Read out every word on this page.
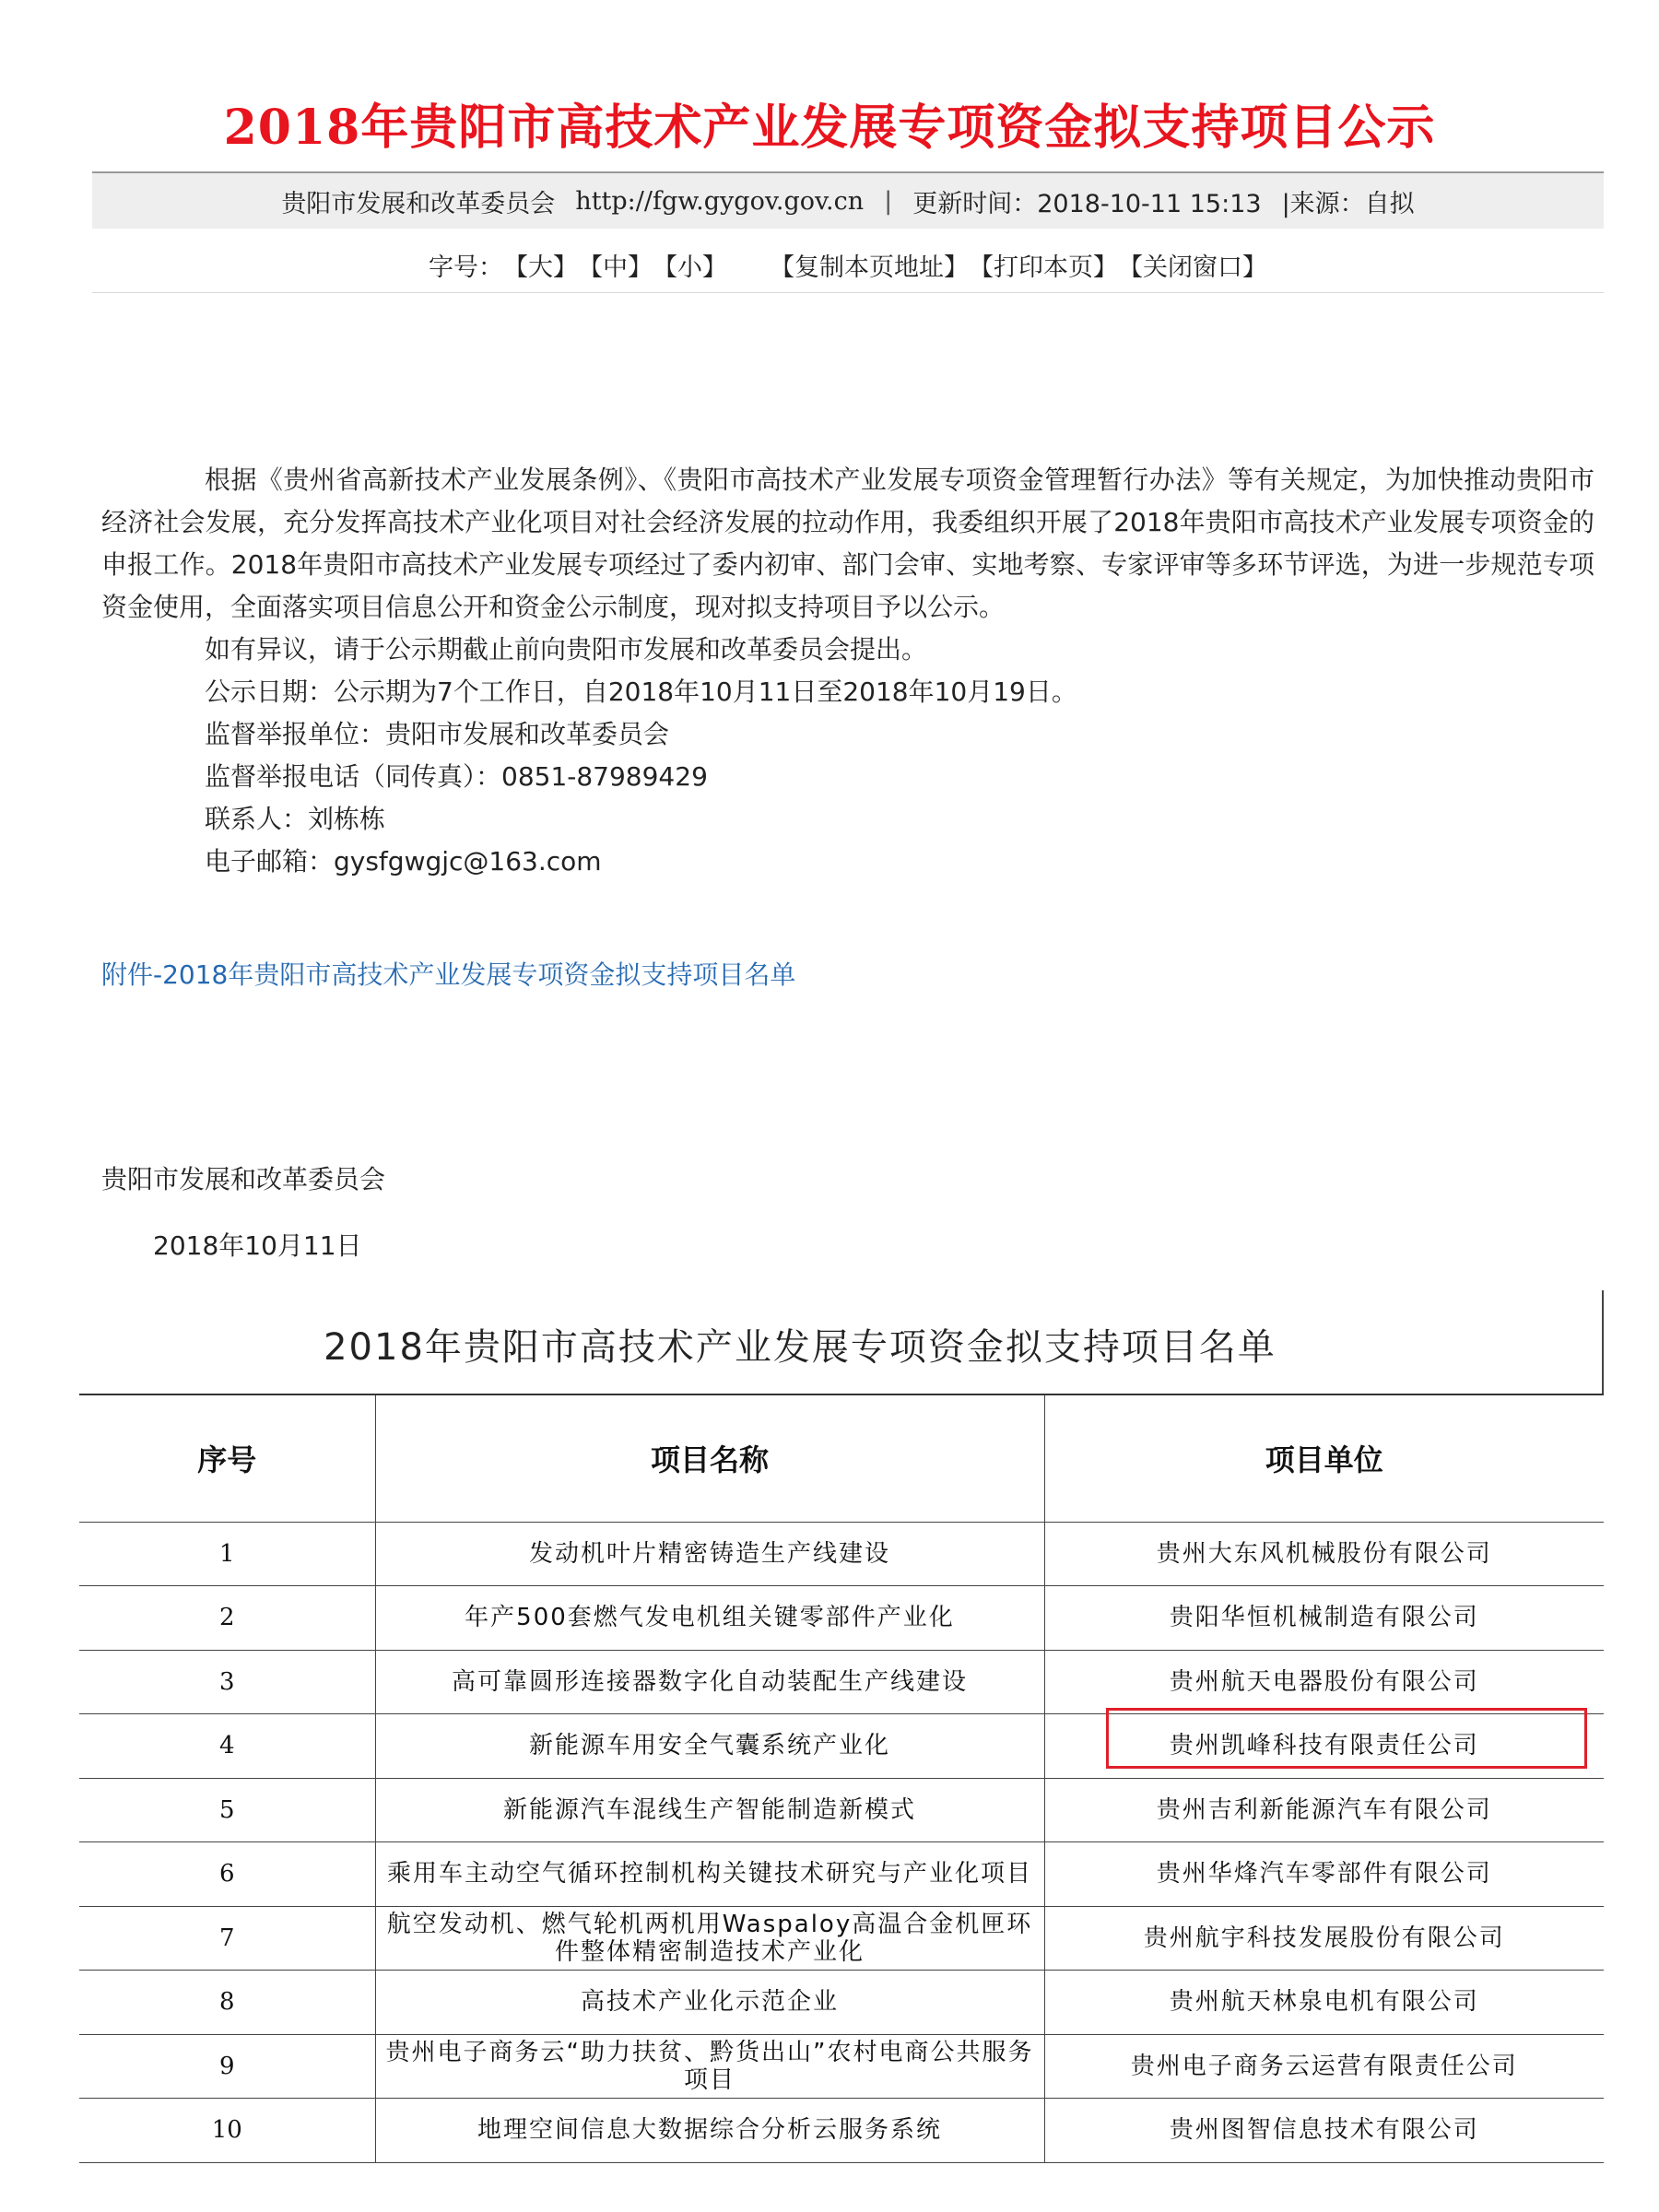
2018年贵阳市高技术产业发展专项资金拟支持项目公示
贵阳市发展和改革委员会 http://fgw.gygov.gov.cn | 更新时间：2018-10-11 15:13 |来源：自拟
字号： 【大】 【中】 【小】 【复制本页地址】 【打印本页】 【关闭窗口】

根据《贵州省高新技术产业发展条例》、《贵阳市高技术产业发展专项资金管理暂行办法》等有关规定，为加快推动贵阳市经济社会发展，充分发挥高技术产业化项目对社会经济发展的拉动作用，我委组织开展了2018年贵阳市高技术产业发展专项资金的申报工作。2018年贵阳市高技术产业发展专项经过了委内初审、部门会审、实地考察、专家评审等多环节评选，为进一步规范专项资金使用，全面落实项目信息公开和资金公示制度，现对拟支持项目予以公示。

如有异议，请于公示期截止前向贵阳市发展和改革委员会提出。

公示日期：公示期为7个工作日，自2018年10月11日至2018年10月19日。

监督举报单位：贵阳市发展和改革委员会

监督举报电话（同传真）：0851-87989429

联系人：刘栋栋

电子邮箱：gysfgwgjc@163.com

附件-2018年贵阳市高技术产业发展专项资金拟支持项目名单
贵阳市发展和改革委员会
2018年10月11日
2018年贵阳市高技术产业发展专项资金拟支持项目名单
序号	项目名称	项目单位
1	发动机叶片精密铸造生产线建设	贵州大东风机械股份有限公司
2	年产500套燃气发电机组关键零部件产业化	贵阳华恒机械制造有限公司
3	高可靠圆形连接器数字化自动装配生产线建设	贵州航天电器股份有限公司
4	新能源车用安全气囊系统产业化	贵州凯峰科技有限责任公司
5	新能源汽车混线生产智能制造新模式	贵州吉利新能源汽车有限公司
6	乘用车主动空气循环控制机构关键技术研究与产业化项目	贵州华烽汽车零部件有限公司
7	航空发动机、燃气轮机两机用Waspaloy高温合金机匣环件整体精密制造技术产业化	贵州航宇科技发展股份有限公司
8	高技术产业化示范企业	贵州航天林泉电机有限公司
9	贵州电子商务云“助力扶贫、黔货出山”农村电商公共服务项目	贵州电子商务云运营有限责任公司
10	地理空间信息大数据综合分析云服务系统	贵州图智信息技术有限公司
